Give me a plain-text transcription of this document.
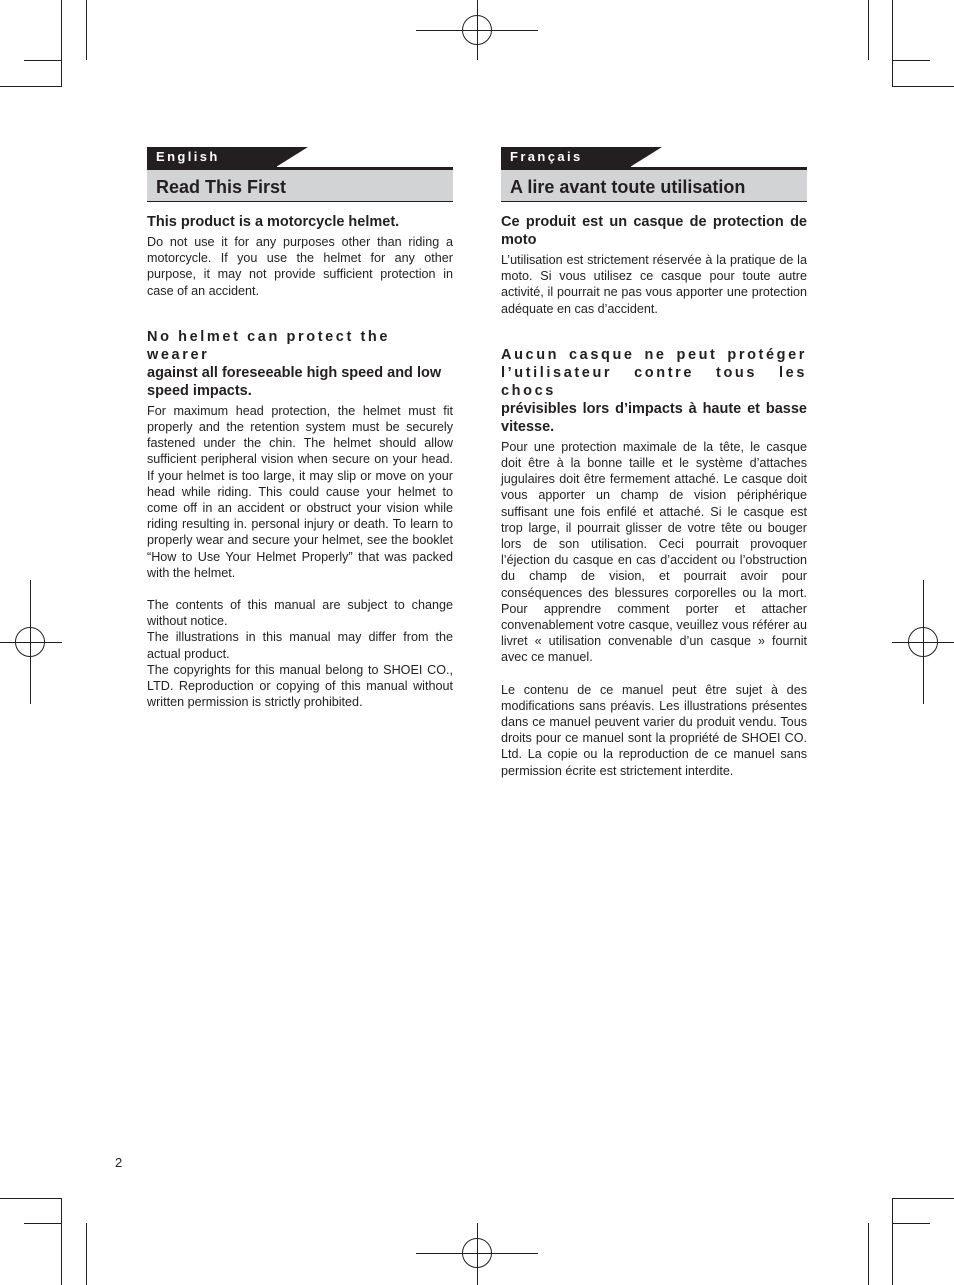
English
Read This First
This product is a motorcycle helmet.

Do not use it for any purposes other than riding a motorcycle. If you use the helmet for any other purpose, it may not provide sufficient protection in case of an accident.

No helmet can protect the wearer
against all foreseeable high speed and low speed impacts.

For maximum head protection, the helmet must fit properly and the retention system must be securely fastened under the chin. The helmet should allow sufficient peripheral vision when secure on your head. If your helmet is too large, it may slip or move on your head while riding. This could cause your helmet to come off in an accident or obstruct your vision while riding resulting in. personal injury or death. To learn to properly wear and secure your helmet, see the booklet “How to Use Your Helmet Properly” that was packed with the helmet.

The contents of this manual are subject to change without notice.

The illustrations in this manual may differ from the actual product.

The copyrights for this manual belong to SHOEI CO., LTD. Reproduction or copying of this manual without written permission is strictly prohibited.

Français
A lire avant toute utilisation
Ce produit est un casque de protection de moto

L’utilisation est strictement réservée à la pratique de la moto. Si vous utilisez ce casque pour toute autre activité, il pourrait ne pas vous apporter une protection adéquate en cas d’accident.

Aucun casque ne peut protéger l’utilisateur contre tous les chocs
prévisibles lors d’impacts à haute et basse vitesse.

Pour une protection maximale de la tête, le casque doit être à la bonne taille et le système d’attaches jugulaires doit être fermement attaché. Le casque doit vous apporter un champ de vision périphérique suffisant une fois enfilé et attaché. Si le casque est trop large, il pourrait glisser de votre tête ou bouger lors de son utilisation. Ceci pourrait provoquer l’éjection du casque en cas d’accident ou l’obstruction du champ de vision, et pourrait avoir pour conséquences des blessures corporelles ou la mort. Pour apprendre comment porter et attacher convenablement votre casque, veuillez vous référer au livret « utilisation convenable d’un casque » fournit avec ce manuel.

Le contenu de ce manuel peut être sujet à des modifications sans préavis. Les illustrations présentes dans ce manuel peuvent varier du produit vendu. Tous droits pour ce manuel sont la propriété de SHOEI CO. Ltd. La copie ou la reproduction de ce manuel sans permission écrite est strictement interdite.

2
